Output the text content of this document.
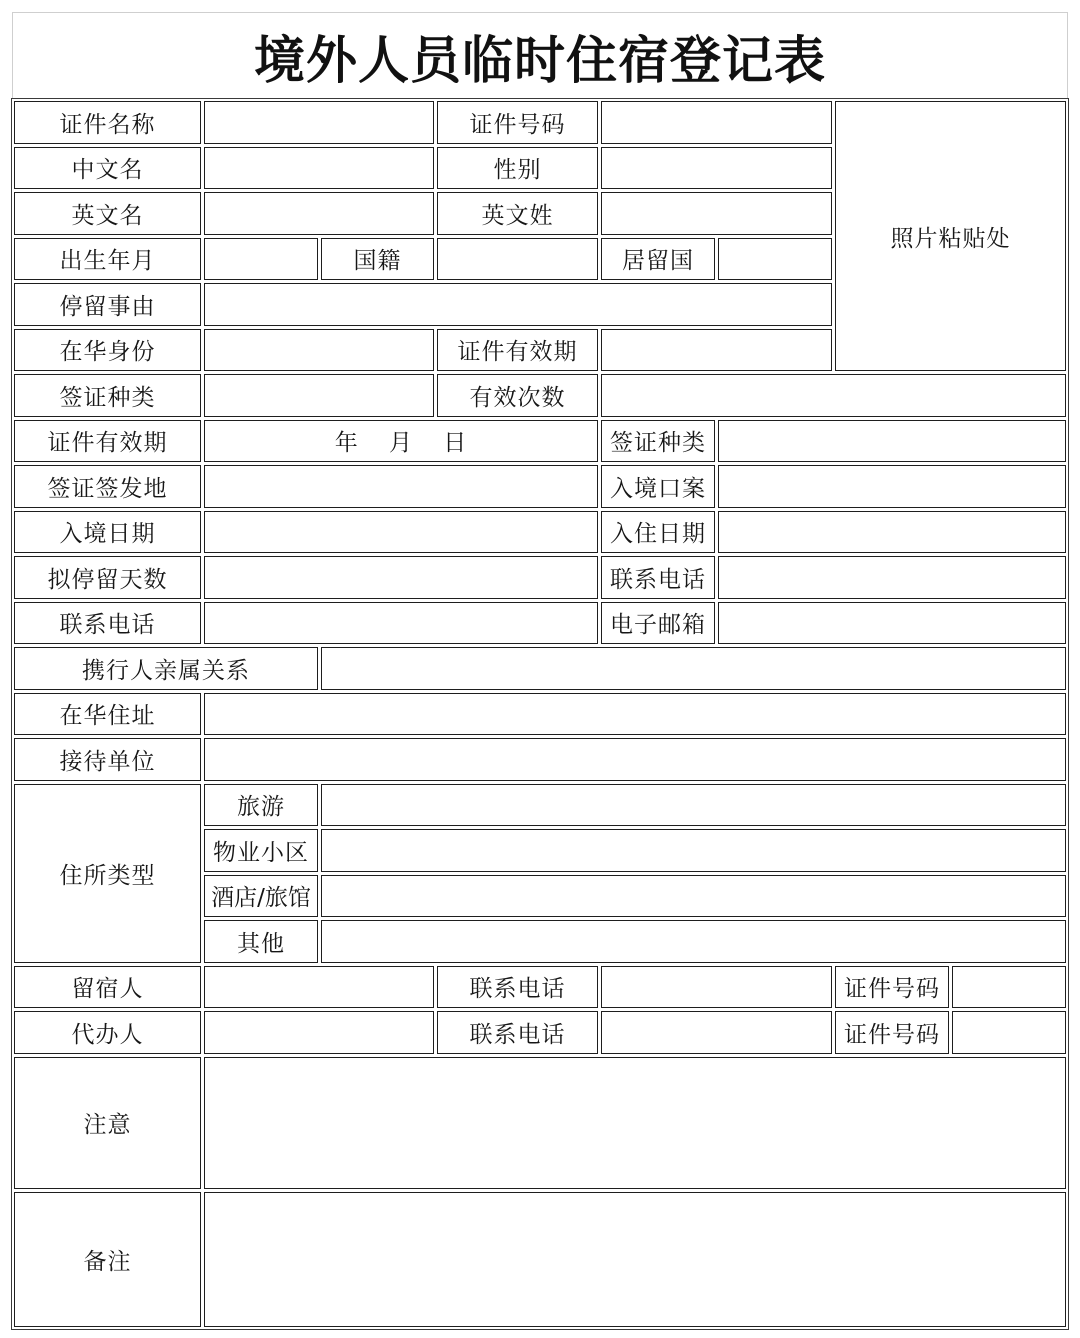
境外人员临时住宿登记表
证件名称	证件号码
照片粘贴处
中文名	性别
英文名	英文姓
出生年月	国籍	居留国
停留事由
在华身份	证件有效期
签证种类	有效次数
证件有效期	年 月 日	签证种类
签证签发地	入境口案
入境日期	入住日期
拟停留天数	联系电话
联系电话	电子邮箱
携行人亲属关系
在华住址
接待单位
住所类型
旅游
物业小区
酒店/旅馆
其他
留宿人	联系电话	证件号码
代办人	联系电话	证件号码
注意
备注
